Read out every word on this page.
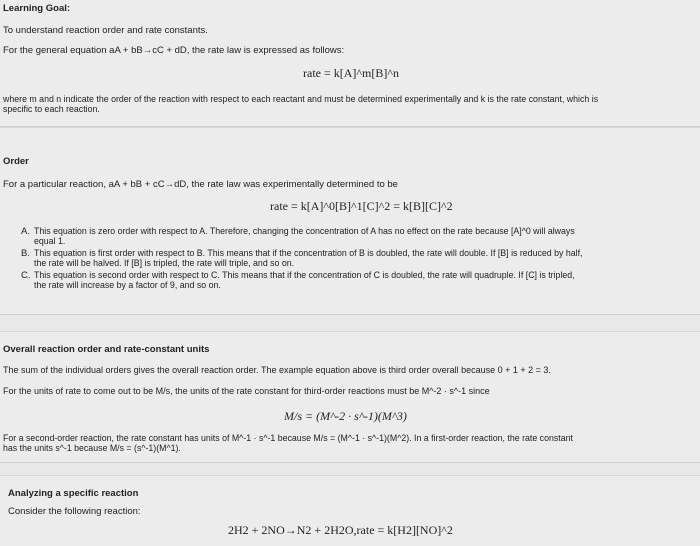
Learning Goal:
To understand reaction order and rate constants.
For the general equation aA + bB→cC + dD, the rate law is expressed as follows:
rate = k[A]^m[B]^n
where m and n indicate the order of the reaction with respect to each reactant and must be determined experimentally and k is the rate constant, which is
specific to each reaction.
Order
For a particular reaction, aA + bB + cC→dD, the rate law was experimentally determined to be
rate = k[A]^0[B]^1[C]^2 = k[B][C]^2
A. This equation is zero order with respect to A. Therefore, changing the concentration of A has no effect on the rate because [A]^0 will always
equal 1.
B. This equation is first order with respect to B. This means that if the concentration of B is doubled, the rate will double. If [B] is reduced by half,
the rate will be halved. If [B] is tripled, the rate will triple, and so on.
C. This equation is second order with respect to C. This means that if the concentration of C is doubled, the rate will quadruple. If [C] is tripled,
the rate will increase by a factor of 9, and so on.
Overall reaction order and rate-constant units
The sum of the individual orders gives the overall reaction order. The example equation above is third order overall because 0 + 1 + 2 = 3.
For the units of rate to come out to be M/s, the units of the rate constant for third-order reactions must be M^-2 · s^-1 since
M/s = (M^-2 · s^-1)(M^3)
For a second-order reaction, the rate constant has units of M^-1 · s^-1 because M/s = (M^-1 · s^-1)(M^2). In a first-order reaction, the rate constant
has the units s^-1 because M/s = (s^-1)(M^1).
Analyzing a specific reaction
Consider the following reaction:
2H2 + 2NO→N2 + 2H2O,rate = k[H2][NO]^2
